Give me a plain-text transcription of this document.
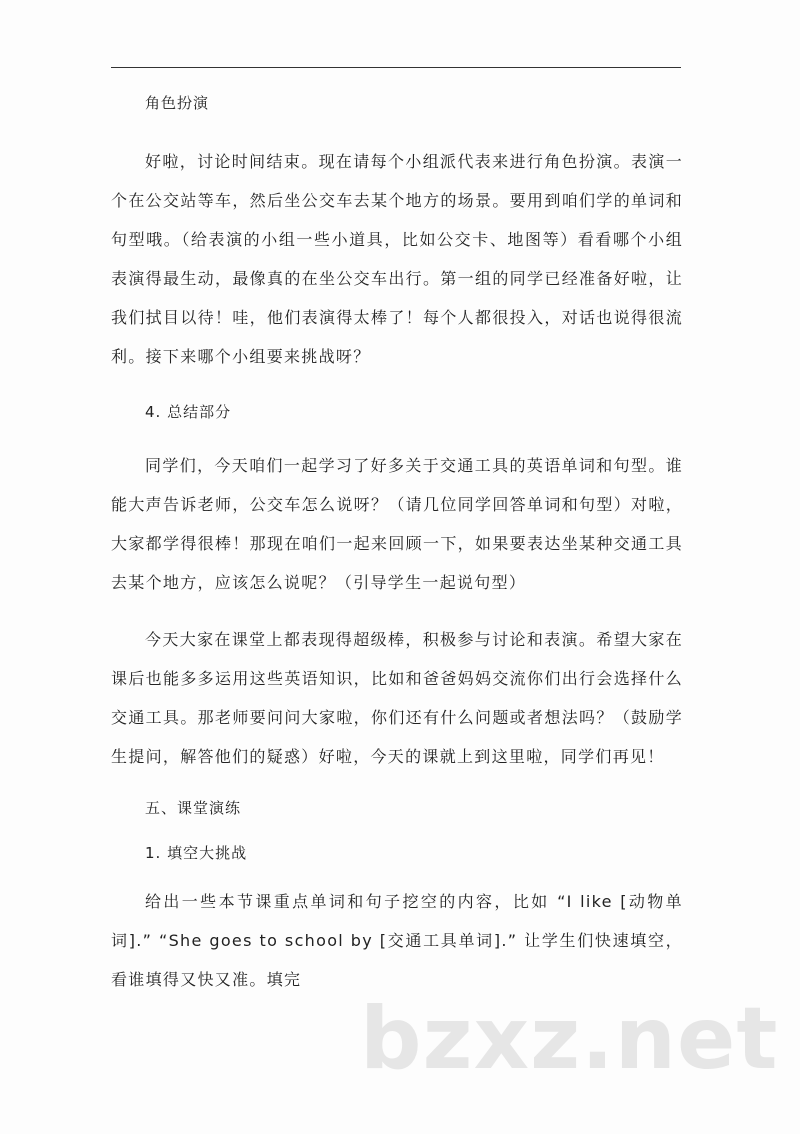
角色扮演

好啦，讨论时间结束。现在请每个小组派代表来进行角色扮演。表演一个在公交站等车，然后坐公交车去某个地方的场景。要用到咱们学的单词和句型哦。（给表演的小组一些小道具，比如公交卡、地图等）看看哪个小组表演得最生动，最像真的在坐公交车出行。第一组的同学已经准备好啦，让我们拭目以待！哇，他们表演得太棒了！每个人都很投入，对话也说得很流利。接下来哪个小组要来挑战呀？

4. 总结部分

同学们，今天咱们一起学习了好多关于交通工具的英语单词和句型。谁能大声告诉老师，公交车怎么说呀？（请几位同学回答单词和句型）对啦，大家都学得很棒！那现在咱们一起来回顾一下，如果要表达坐某种交通工具去某个地方，应该怎么说呢？（引导学生一起说句型）

今天大家在课堂上都表现得超级棒，积极参与讨论和表演。希望大家在课后也能多多运用这些英语知识，比如和爸爸妈妈交流你们出行会选择什么交通工具。那老师要问问大家啦，你们还有什么问题或者想法吗？（鼓励学生提问，解答他们的疑惑）好啦，今天的课就上到这里啦，同学们再见！

五、课堂演练

1. 填空大挑战

给出一些本节课重点单词和句子挖空的内容，比如 “I like [动物单词].” “She goes to school by [交通工具单词].” 让学生们快速填空，看谁填得又快又准。填完

bzxz.net
